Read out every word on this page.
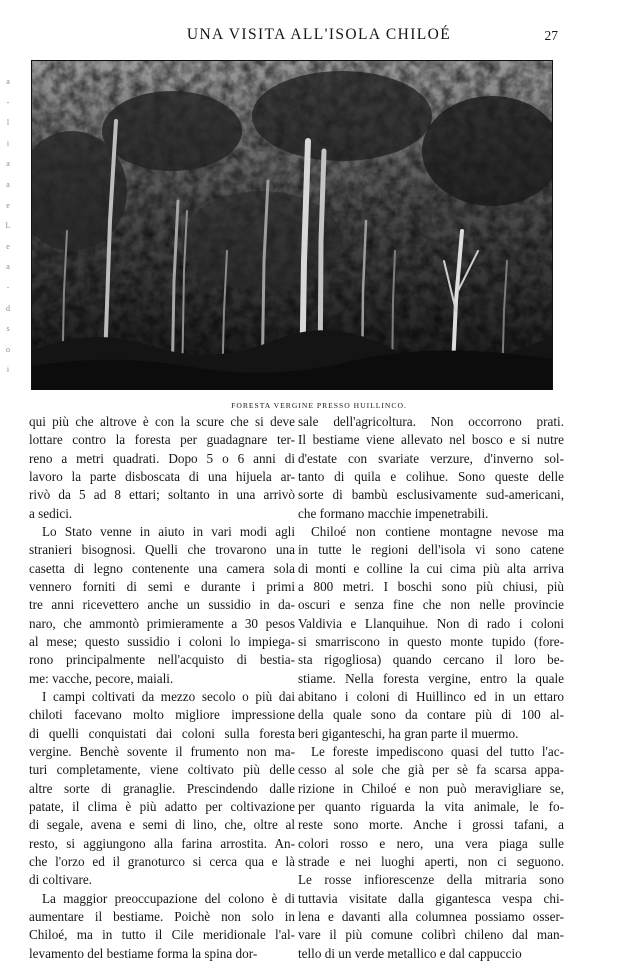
UNA VISITA ALL'ISOLA CHILOÉ	27
a
-
l
i
a
a
e
L
e
a
-
d
s
o
i
FORESTA VERGINE PRESSO HUILLINCO.

qui più che altrove è con la scure che si deve
lottare contro la foresta per guadagnare ter-
reno a metri quadrati. Dopo 5 o 6 anni di
lavoro la parte disboscata di una hijuela ar-
rivò da 5 ad 8 ettari; soltanto in una arrivò
a sedici.

Lo Stato venne in aiuto in vari modi agli
stranieri bisognosi. Quelli che trovarono una
casetta di legno contenente una camera sola
vennero forniti di semi e durante i primi
tre anni ricevettero anche un sussidio in da-
naro, che ammontò primieramente a 30 pesos
al mese; questo sussidio i coloni lo impiega-
rono principalmente nell'acquisto di bestia-
me: vacche, pecore, maiali.

I campi coltivati da mezzo secolo o più dai
chiloti facevano molto migliore impressione
di quelli conquistati dai coloni sulla foresta
vergine. Benchè sovente il frumento non ma-
turi completamente, viene coltivato più delle
altre sorte di granaglie. Prescindendo dalle
patate, il clima è più adatto per coltivazione
di segale, avena e semi di lino, che, oltre al
resto, si aggiungono alla farina arrostita. An-
che l'orzo ed il granoturco si cerca qua e là
di coltivare.

La maggior preoccupazione del colono è di
aumentare il bestiame. Poichè non solo in
Chiloé, ma in tutto il Cile meridionale l'al-
levamento del bestiame forma la spina dor-

sale dell'agricoltura. Non occorrono prati.
Il bestiame viene allevato nel bosco e si nutre
d'estate con svariate verzure, d'inverno sol-
tanto di quila e colihue. Sono queste delle
sorte di bambù esclusivamente sud-americani,
che formano macchie impenetrabili.

Chiloé non contiene montagne nevose ma
in tutte le regioni dell'isola vi sono catene
di monti e colline la cui cima più alta arriva
a 800 metri. I boschi sono più chiusi, più
oscuri e senza fine che non nelle provincie
Valdivia e Llanquihue. Non di rado i coloni
si smarriscono in questo monte tupido (fore-
sta rigogliosa) quando cercano il loro be-
stiame. Nella foresta vergine, entro la quale
abitano i coloni di Huillinco ed in un ettaro
della quale sono da contare più di 100 al-
beri giganteschi, ha gran parte il muermo.

Le foreste impediscono quasi del tutto l'ac-
cesso al sole che già per sè fa scarsa appa-
rizione in Chiloé e non può meravigliare se,
per quanto riguarda la vita animale, le fo-
reste sono morte. Anche i grossi tafani, a
colori rosso e nero, una vera piaga sulle
strade e nei luoghi aperti, non ci seguono.
Le rosse infiorescenze della mitraria sono
tuttavia visitate dalla gigantesca vespa chi-
lena e davanti alla columnea possiamo osser-
vare il più comune colibrì chileno dal man-
tello di un verde metallico e dal cappuccio
